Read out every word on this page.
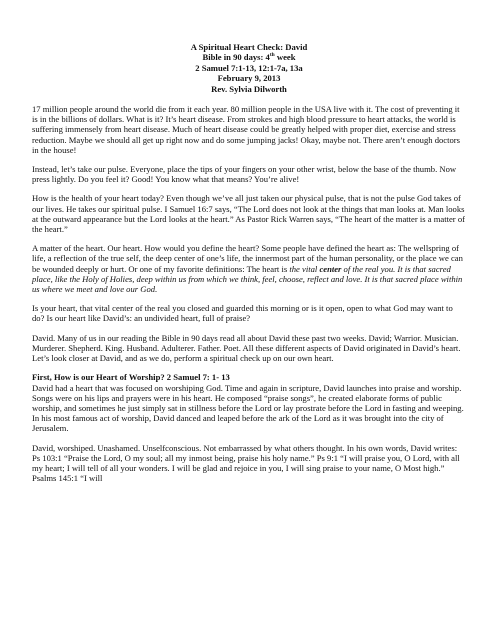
A Spiritual Heart Check: David
Bible in 90 days: 4th week
2 Samuel 7:1-13, 12:1-7a, 13a
February 9, 2013
Rev. Sylvia Dilworth

17 million people around the world die from it each year. 80 million people in the USA live with it. The cost of preventing it is in the billions of dollars. What is it? It’s heart disease. From strokes and high blood pressure to heart attacks, the world is suffering immensely from heart disease. Much of heart disease could be greatly helped with proper diet, exercise and stress reduction. Maybe we should all get up right now and do some jumping jacks! Okay, maybe not. There aren’t enough doctors in the house!

Instead, let’s take our pulse. Everyone, place the tips of your fingers on your other wrist, below the base of the thumb. Now press lightly. Do you feel it? Good! You know what that means? You’re alive!

How is the health of your heart today? Even though we’ve all just taken our physical pulse, that is not the pulse God takes of our lives. He takes our spiritual pulse. I Samuel 16:7 says, “The Lord does not look at the things that man looks at. Man looks at the outward appearance but the Lord looks at the heart.” As Pastor Rick Warren says, “The heart of the matter is a matter of the heart.”

A matter of the heart. Our heart. How would you define the heart? Some people have defined the heart as: The wellspring of life, a reflection of the true self, the deep center of one’s life, the innermost part of the human personality, or the place we can be wounded deeply or hurt. Or one of my favorite definitions: The heart is the vital center of the real you. It is that sacred place, like the Holy of Holies, deep within us from which we think, feel, choose, reflect and love. It is that sacred place within us where we meet and love our God.

Is your heart, that vital center of the real you closed and guarded this morning or is it open, open to what God may want to do? Is our heart like David’s: an undivided heart, full of praise?

David. Many of us in our reading the Bible in 90 days read all about David these past two weeks. David; Warrior. Musician. Murderer. Shepherd. King. Husband. Adulterer. Father. Poet. All these different aspects of David originated in David’s heart. Let’s look closer at David, and as we do, perform a spiritual check up on our own heart.

First, How is our Heart of Worship? 2 Samuel 7: 1- 13

David had a heart that was focused on worshiping God. Time and again in scripture, David launches into praise and worship. Songs were on his lips and prayers were in his heart. He composed “praise songs”, he created elaborate forms of public worship, and sometimes he just simply sat in stillness before the Lord or lay prostrate before the Lord in fasting and weeping. In his most famous act of worship, David danced and leaped before the ark of the Lord as it was brought into the city of Jerusalem.

David, worshiped. Unashamed. Unselfconscious. Not embarrassed by what others thought. In his own words, David writes: Ps 103:1 “Praise the Lord, O my soul; all my inmost being, praise his holy name.” Ps 9:1 “I will praise you, O Lord, with all my heart; I will tell of all your wonders. I will be glad and rejoice in you, I will sing praise to your name, O Most high.” Psalms 145:1 “I will
